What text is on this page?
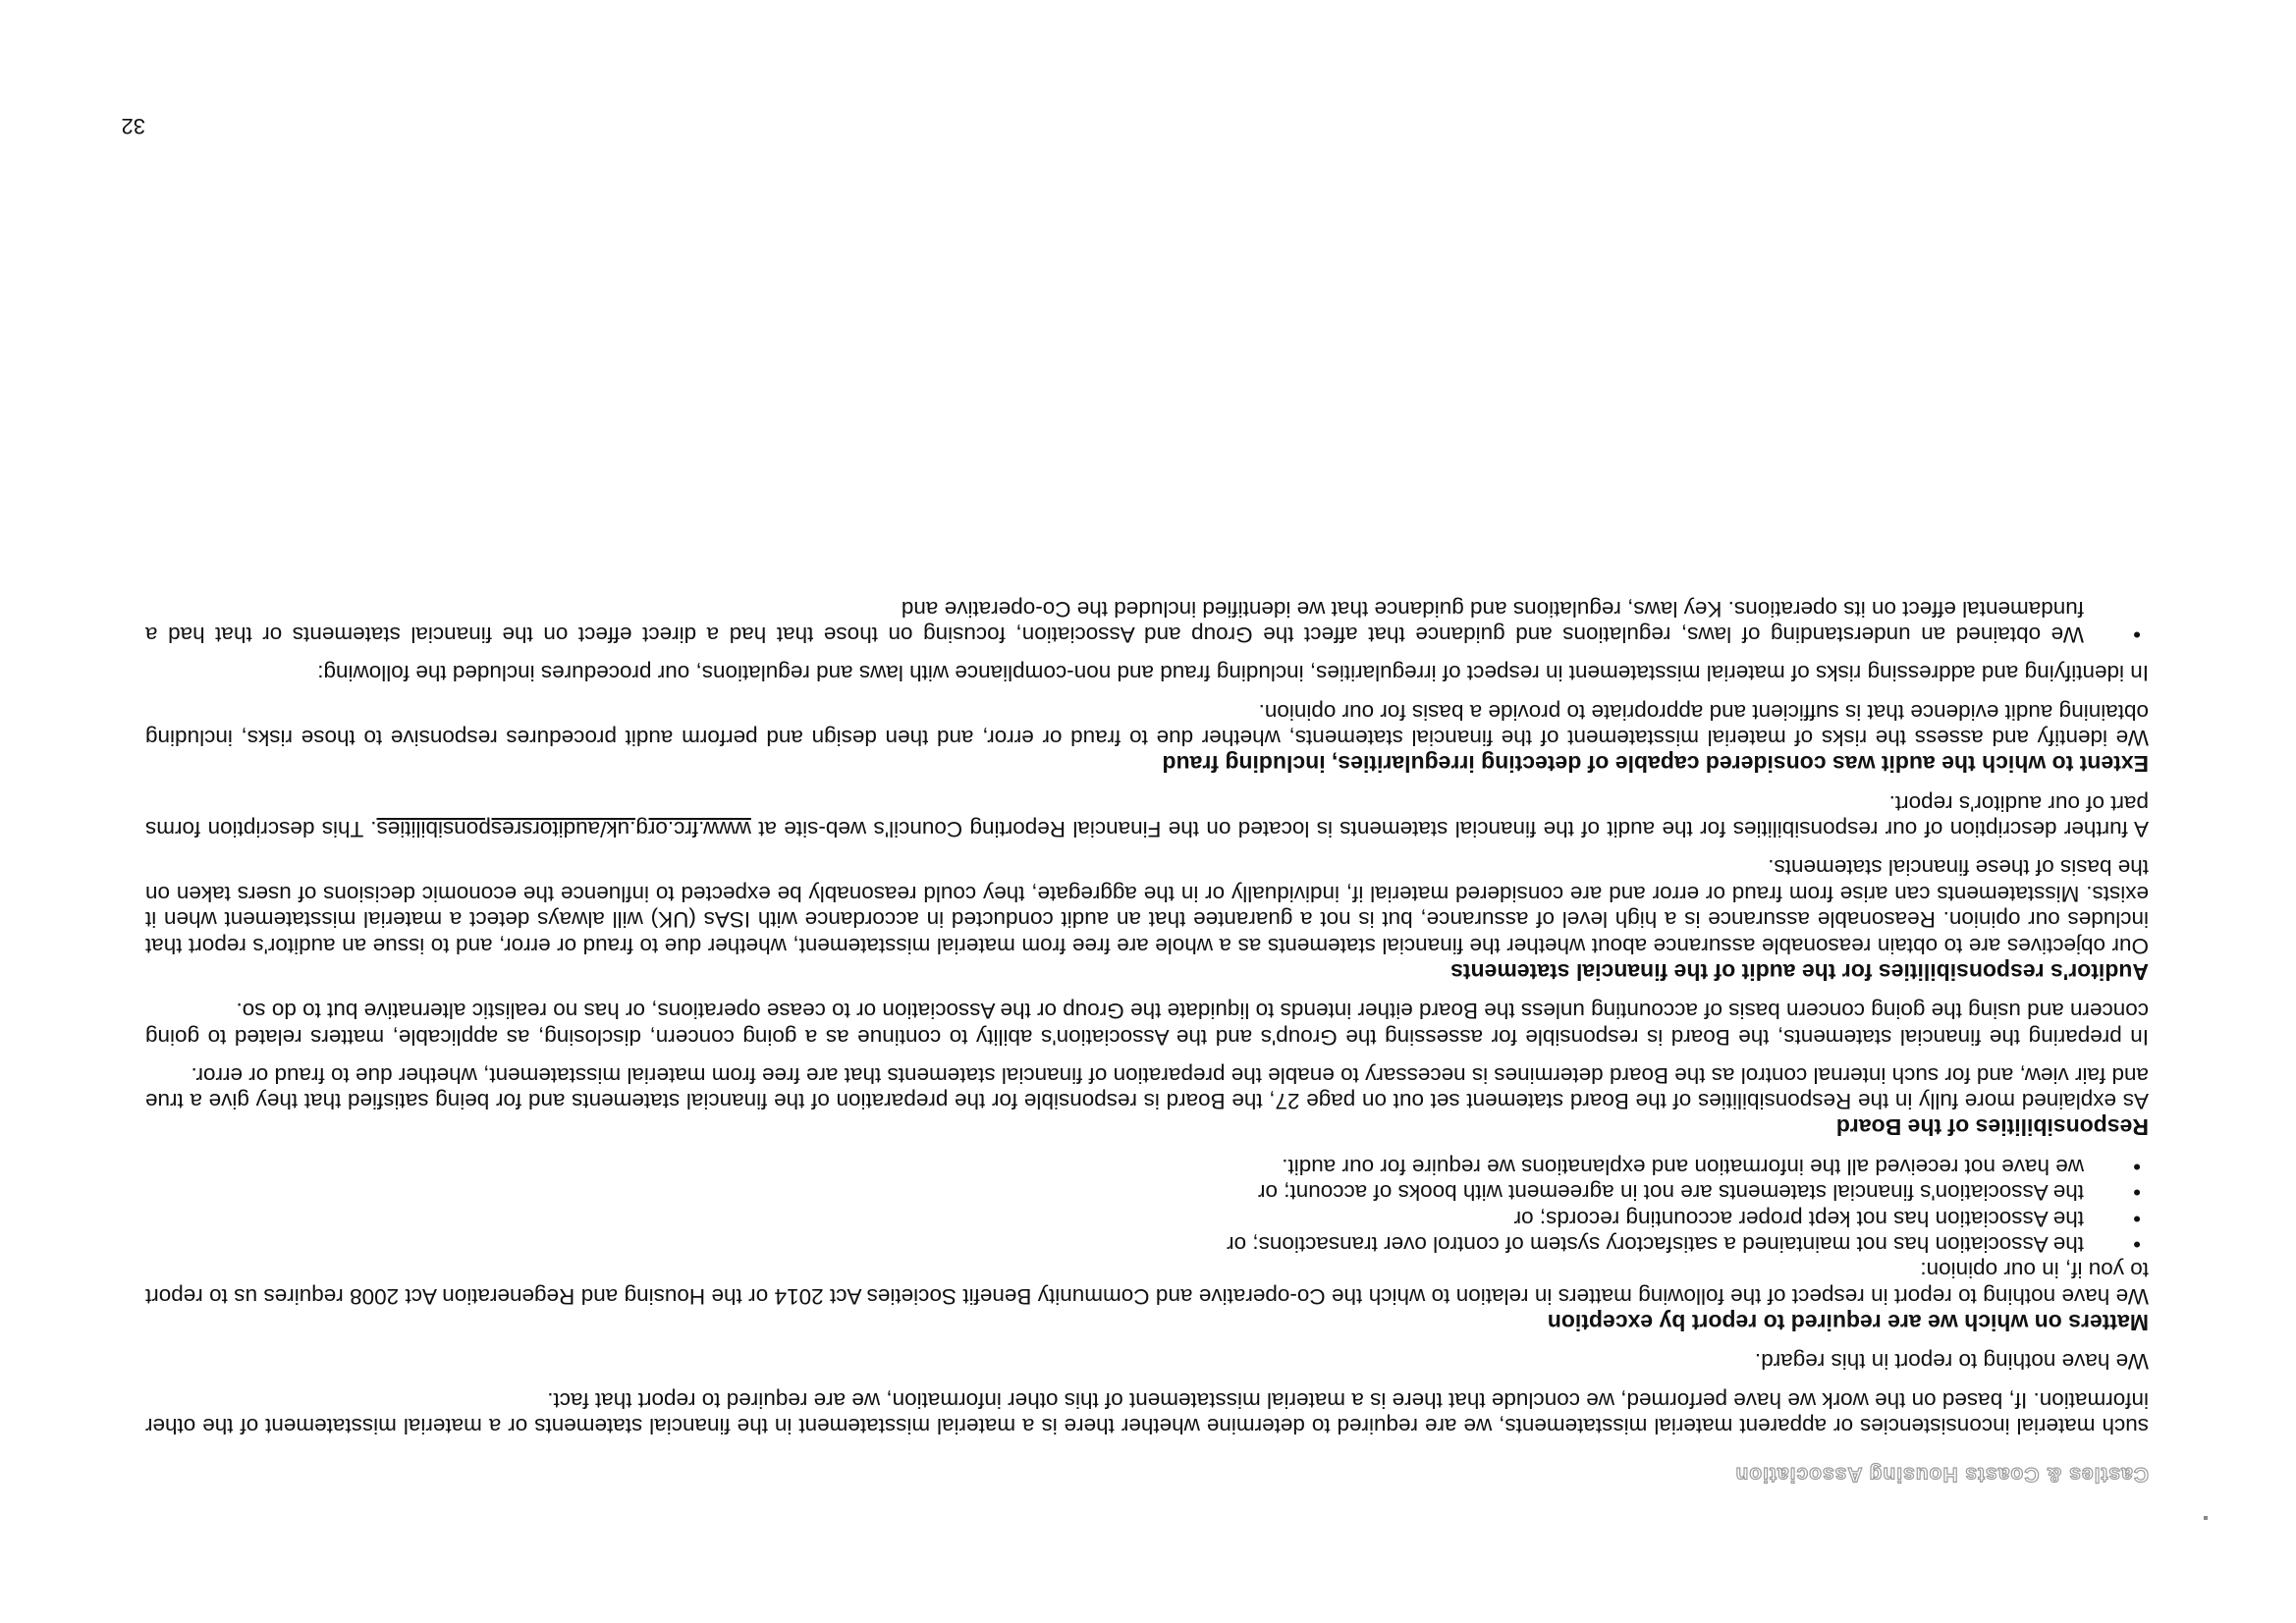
Castles & Coasts Housing Association

such material inconsistencies or apparent material misstatements, we are required to determine whether there is a material misstatement in the financial statements or a material misstatement of the other information. If, based on the work we have performed, we conclude that there is a material misstatement of this other information, we are required to report that fact.

We have nothing to report in this regard.

Matters on which we are required to report by exception

We have nothing to report in respect of the following matters in relation to which the Co-operative and Community Benefit Societies Act 2014 or the Housing and Regeneration Act 2008 requires us to report to you if, in our opinion:

•
the Association has not maintained a satisfactory system of control over transactions; or
•
the Association has not kept proper accounting records; or
•
the Association's financial statements are not in agreement with books of account; or
•
we have not received all the information and explanations we require for our audit.
Responsibilities of the Board

As explained more fully in the Responsibilities of the Board statement set out on page 27, the Board is responsible for the preparation of the financial statements and for being satisfied that they give a true and fair view, and for such internal control as the Board determines is necessary to enable the preparation of financial statements that are free from material misstatement, whether due to fraud or error.

In preparing the financial statements, the Board is responsible for assessing the Group's and the Association's ability to continue as a going concern, disclosing, as applicable, matters related to going concern and using the going concern basis of accounting unless the Board either intends to liquidate the Group or the Association or to cease operations, or has no realistic alternative but to do so.

Auditor's responsibilities for the audit of the financial statements

Our objectives are to obtain reasonable assurance about whether the financial statements as a whole are free from material misstatement, whether due to fraud or error, and to issue an auditor's report that includes our opinion. Reasonable assurance is a high level of assurance, but is not a guarantee that an audit conducted in accordance with ISAs (UK) will always detect a material misstatement when it exists. Misstatements can arise from fraud or error and are considered material if, individually or in the aggregate, they could reasonably be expected to influence the economic decisions of users taken on the basis of these financial statements.

A further description of our responsibilities for the audit of the financial statements is located on the Financial Reporting Council's web-site at www.frc.org.uk/auditorsresponsibilities. This description forms part of our auditor's report.

Extent to which the audit was considered capable of detecting irregularities, including fraud

We identify and assess the risks of material misstatement of the financial statements, whether due to fraud or error, and then design and perform audit procedures responsive to those risks, including obtaining audit evidence that is sufficient and appropriate to provide a basis for our opinion.

In identifying and addressing risks of material misstatement in respect of irregularities, including fraud and non-compliance with laws and regulations, our procedures included the following:

•
We obtained an understanding of laws, regulations and guidance that affect the Group and Association, focusing on those that had a direct effect on the financial statements or that had a fundamental effect on its operations. Key laws, regulations and guidance that we identified included the Co-operative and
32
